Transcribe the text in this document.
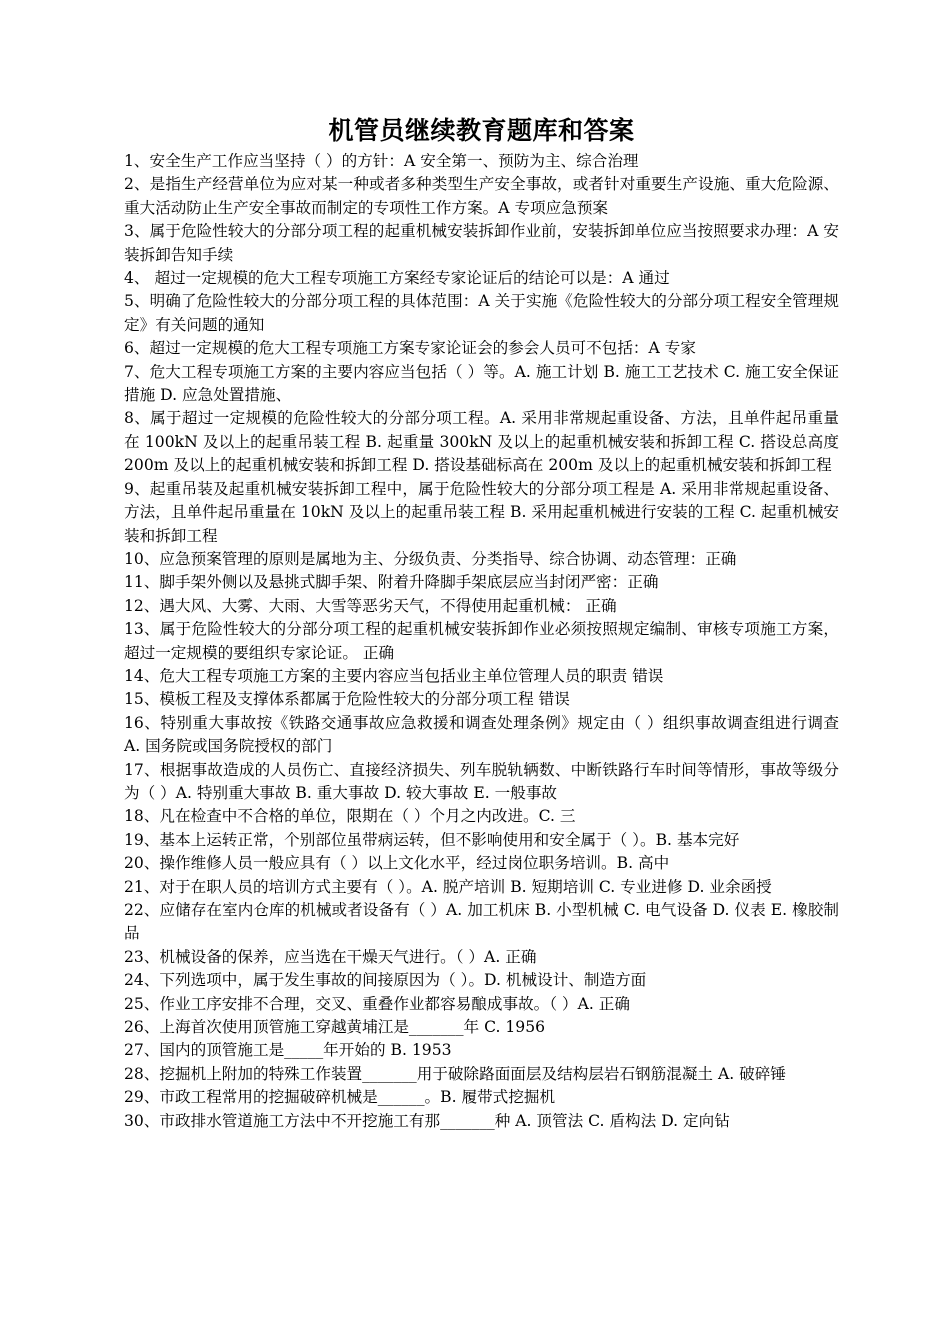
机管员继续教育题库和答案

1、安全生产工作应当坚持（ ）的方针：A 安全第一、预防为主、综合治理

2、是指生产经营单位为应对某一种或者多种类型生产安全事故，或者针对重要生产设施、重大危险源、重大活动防止生产安全事故而制定的专项性工作方案。A 专项应急预案

3、属于危险性较大的分部分项工程的起重机械安装拆卸作业前，安装拆卸单位应当按照要求办理：A 安装拆卸告知手续

4、 超过一定规模的危大工程专项施工方案经专家论证后的结论可以是：A 通过

5、明确了危险性较大的分部分项工程的具体范围：A 关于实施《危险性较大的分部分项工程安全管理规定》有关问题的通知

6、超过一定规模的危大工程专项施工方案专家论证会的参会人员可不包括：A 专家

7、危大工程专项施工方案的主要内容应当包括（ ）等。A. 施工计划 B. 施工工艺技术 C. 施工安全保证措施 D. 应急处置措施、

8、属于超过一定规模的危险性较大的分部分项工程。A. 采用非常规起重设备、方法，且单件起吊重量在 100kN 及以上的起重吊装工程 B. 起重量 300kN 及以上的起重机械安装和拆卸工程 C. 搭设总高度 200m 及以上的起重机械安装和拆卸工程 D. 搭设基础标高在 200m 及以上的起重机械安装和拆卸工程

9、起重吊装及起重机械安装拆卸工程中，属于危险性较大的分部分项工程是 A. 采用非常规起重设备、方法，且单件起吊重量在 10kN 及以上的起重吊装工程 B. 采用起重机械进行安装的工程 C. 起重机械安装和拆卸工程

10、应急预案管理的原则是属地为主、分级负责、分类指导、综合协调、动态管理：正确

11、脚手架外侧以及悬挑式脚手架、附着升降脚手架底层应当封闭严密：正确

12、遇大风、大雾、大雨、大雪等恶劣天气，不得使用起重机械： 正确

13、属于危险性较大的分部分项工程的起重机械安装拆卸作业必须按照规定编制、审核专项施工方案，超过一定规模的要组织专家论证。 正确

14、危大工程专项施工方案的主要内容应当包括业主单位管理人员的职责 错误

15、模板工程及支撑体系都属于危险性较大的分部分项工程 错误

16、特别重大事故按《铁路交通事故应急救援和调查处理条例》规定由（ ）组织事故调查组进行调查 A. 国务院或国务院授权的部门

17、根据事故造成的人员伤亡、直接经济损失、列车脱轨辆数、中断铁路行车时间等情形，事故等级分为（ ）A. 特别重大事故 B. 重大事故 D. 较大事故 E. 一般事故

18、凡在检查中不合格的单位，限期在（ ）个月之内改进。C. 三

19、基本上运转正常，个别部位虽带病运转，但不影响使用和安全属于（ ）。B. 基本完好

20、操作维修人员一般应具有（ ）以上文化水平，经过岗位职务培训。B. 高中

21、对于在职人员的培训方式主要有（ ）。A. 脱产培训 B. 短期培训 C. 专业进修 D. 业余函授

22、应储存在室内仓库的机械或者设备有（ ）A. 加工机床 B. 小型机械 C. 电气设备 D. 仪表 E. 橡胶制品

23、机械设备的保养，应当选在干燥天气进行。（ ）A. 正确

24、下列选项中，属于发生事故的间接原因为（ ）。D. 机械设计、制造方面

25、作业工序安排不合理，交叉、重叠作业都容易酿成事故。（ ）A. 正确

26、上海首次使用顶管施工穿越黄埔江是_______年 C. 1956

27、国内的顶管施工是_____年开始的 B. 1953

28、挖掘机上附加的特殊工作装置_______用于破除路面面层及结构层岩石钢筋混凝土 A. 破碎锤

29、市政工程常用的挖掘破碎机械是______。B. 履带式挖掘机

30、市政排水管道施工方法中不开挖施工有那_______种 A. 顶管法 C. 盾构法 D. 定向钻
